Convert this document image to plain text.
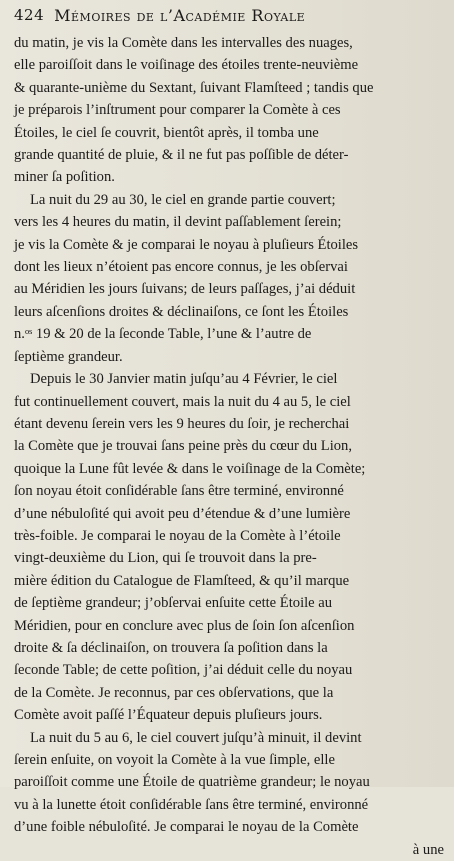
424 Mémoires de l’Académie Royale
du matin, je vis la Comète dans les intervalles des nuages,
elle paroiſſoit dans le voiſinage des étoiles trente-neuvième
& quarante-unième du Sextant, ſuivant Flamſteed ; tandis que
je préparois l’inſtrument pour comparer la Comète à ces
Étoiles, le ciel ſe couvrit, bientôt après, il tomba une
grande quantité de pluie, & il ne fut pas poſſible de déter-
miner ſa poſition.
La nuit du 29 au 30, le ciel en grande partie couvert;
vers les 4 heures du matin, il devint paſſablement ſerein;
je vis la Comète & je comparai le noyau à pluſieurs Étoiles
dont les lieux n’étoient pas encore connus, je les obſervai
au Méridien les jours ſuivans; de leurs paſſages, j’ai déduit
leurs aſcenſions droites & déclinaiſons, ce ſont les Étoiles
n.ᵒˢ 19 & 20 de la ſeconde Table, l’une & l’autre de
ſeptième grandeur.
Depuis le 30 Janvier matin juſqu’au 4 Février, le ciel
fut continuellement couvert, mais la nuit du 4 au 5, le ciel
étant devenu ſerein vers les 9 heures du ſoir, je recherchai
la Comète que je trouvai ſans peine près du cœur du Lion,
quoique la Lune fût levée & dans le voiſinage de la Comète;
ſon noyau étoit conſidérable ſans être terminé, environné
d’une nébuloſité qui avoit peu d’étendue & d’une lumière
très-foible. Je comparai le noyau de la Comète à l’étoile
vingt-deuxième du Lion, qui ſe trouvoit dans la pre-
mière édition du Catalogue de Flamſteed, & qu’il marque
de ſeptième grandeur; j’obſervai enſuite cette Étoile au
Méridien, pour en conclure avec plus de ſoin ſon aſcenſion
droite & ſa déclinaiſon, on trouvera ſa poſition dans la
ſeconde Table; de cette poſition, j’ai déduit celle du noyau
de la Comète. Je reconnus, par ces obſervations, que la
Comète avoit paſſé l’Équateur depuis pluſieurs jours.
La nuit du 5 au 6, le ciel couvert juſqu’à minuit, il devint
ſerein enſuite, on voyoit la Comète à la vue ſimple, elle
paroiſſoit comme une Étoile de quatrième grandeur; le noyau
vu à la lunette étoit conſidérable ſans être terminé, environné
d’une foible nébuloſité. Je comparai le noyau de la Comète
à une
